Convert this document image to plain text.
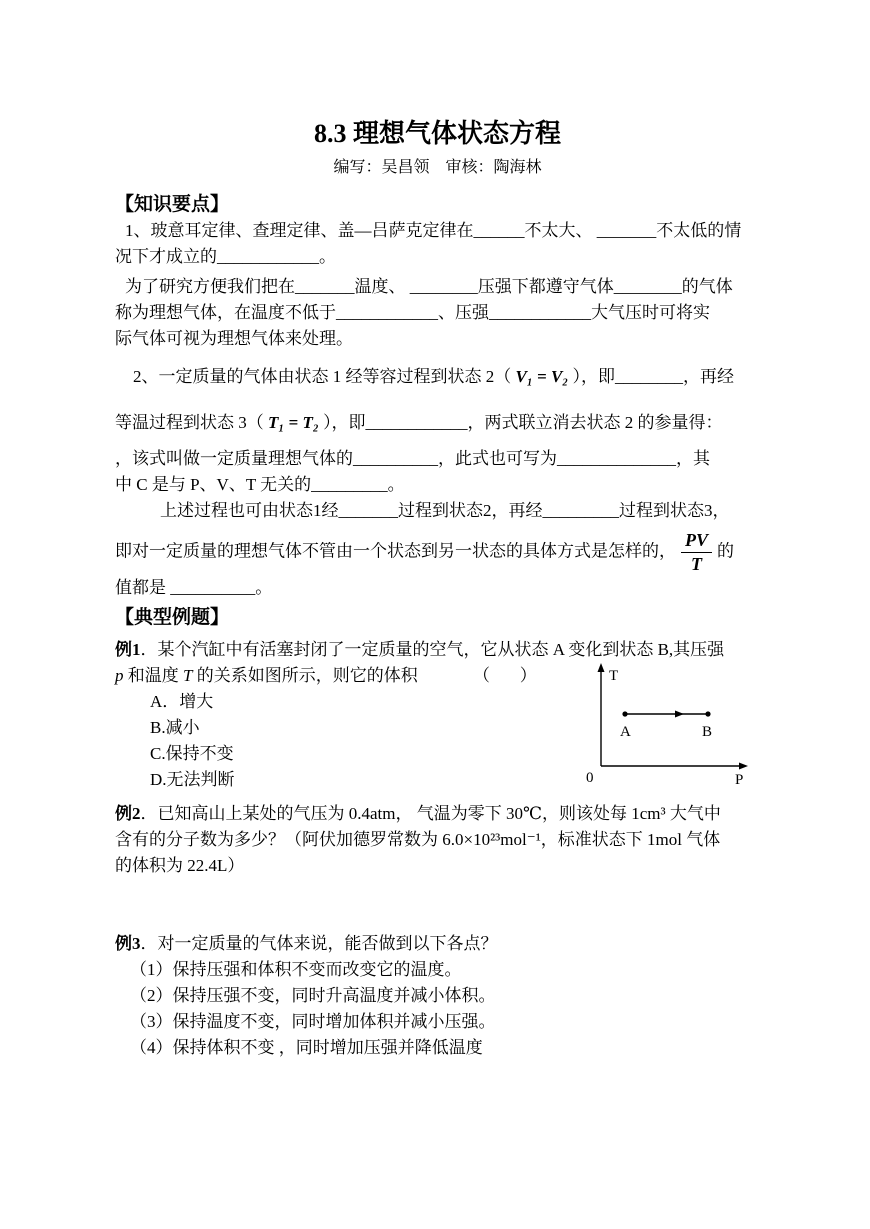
8.3 理想气体状态方程
编写：吴昌领    审核：陶海林
【知识要点】

1、玻意耳定律、查理定律、盖—吕萨克定律在______不太大、 _______不太低的情

况下才成立的____________。

为了研究方便我们把在_______温度、 ________压强下都遵守气体________的气体

称为理想气体，在温度不低于____________、压强____________大气压时可将实

际气体可视为理想气体来处理。

2、一定质量的气体由状态 1 经等容过程到状态 2（ V₁ = V₂ ），即________，再经

等温过程到状态 3（ T₁ = T₂ ），即____________，两式联立消去状态 2 的参量得：

，该式叫做一定质量理想气体的__________，此式也可写为______________，其

中 C 是与 P、V、T 无关的_________。

上述过程也可由状态1经_______过程到状态2，再经_________过程到状态3，

即对一定质量的理想气体不管由一个状态到另一状态的具体方式是怎样的， $\frac{PV}{T}$ 的

值都是 __________。

【典型例题】

例1．某个汽缸中有活塞封闭了一定质量的空气，它从状态 A 变化到状态 B,其压强

p 和温度 T 的关系如图所示，则它的体积             （       ）

A．增大

B.减小

C.保持不变

D.无法判断

例2．已知高山上某处的气压为 0.4atm， 气温为零下 30℃，则该处每 1cm³ 大气中

含有的分子数为多少？（阿伏加德罗常数为 6.0×10²³mol⁻¹，标准状态下 1mol 气体

的体积为 22.4L）

例3．对一定质量的气体来说，能否做到以下各点？

（1）保持压强和体积不变而改变它的温度。

（2）保持压强不变，同时升高温度并减小体积。

（3）保持温度不变，同时增加体积并减小压强。

（4）保持体积不变 ，同时增加压强并降低温度

T
P
0
A	B
